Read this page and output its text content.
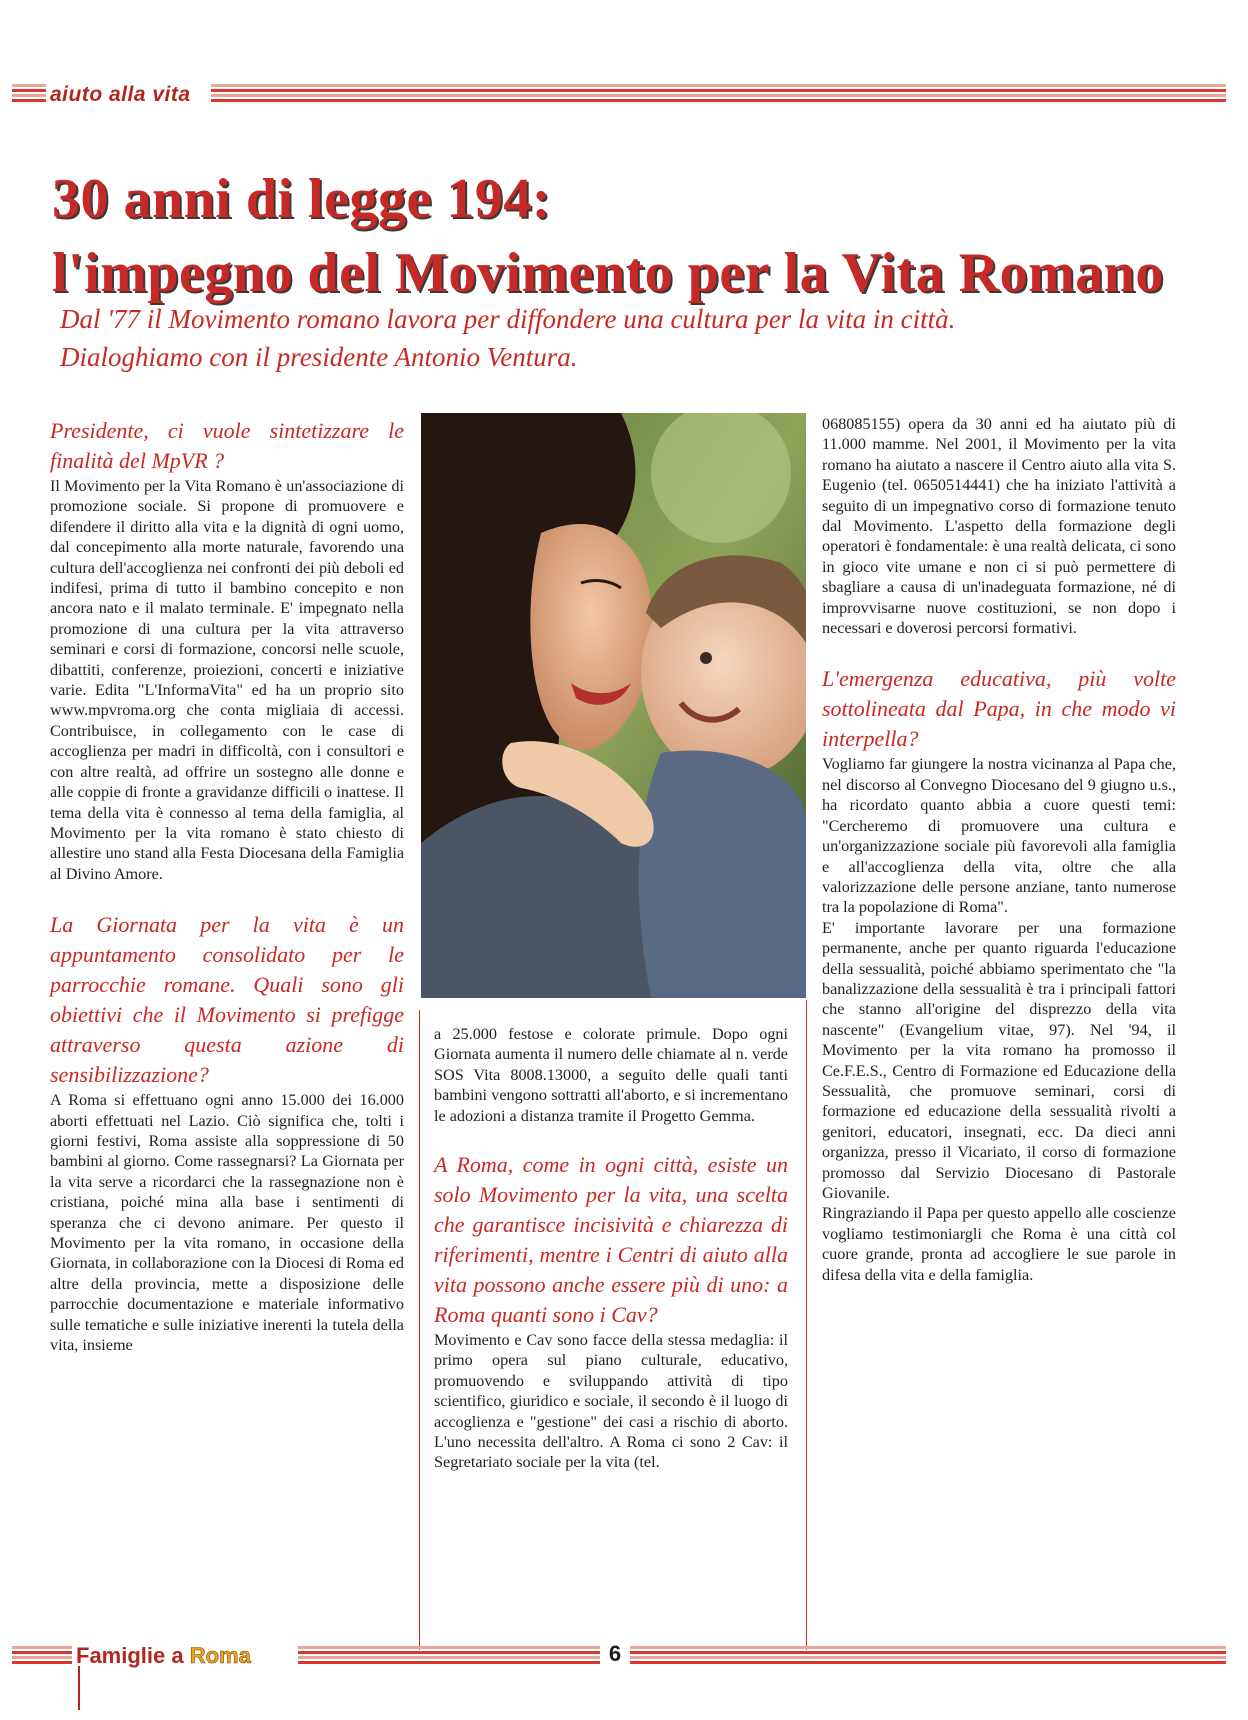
aiuto alla vita
30 anni di legge 194:
l'impegno del Movimento per la Vita Romano
Dal '77 il Movimento romano lavora per diffondere una cultura per la vita in città.
Dialoghiamo con il presidente Antonio Ventura.

Presidente, ci vuole sintetizzare le finalità del MpVR ?

Il Movimento per la Vita Romano è un'associazione di promozione sociale. Si propone di promuovere e difendere il diritto alla vita e la dignità di ogni uomo, dal concepimento alla morte naturale, favorendo una cultura dell'accoglienza nei confronti dei più deboli ed indifesi, prima di tutto il bambino concepito e non ancora nato e il malato terminale. E' impegnato nella promozione di una cultura per la vita attraverso seminari e corsi di formazione, concorsi nelle scuole, dibattiti, conferenze, proiezioni, concerti e iniziative varie. Edita "L'InformaVita" ed ha un proprio sito www.mpvroma.org che conta migliaia di accessi. Contribuisce, in collegamento con le case di accoglienza per madri in difficoltà, con i consultori e con altre realtà, ad offrire un sostegno alle donne e alle coppie di fronte a gravidanze difficili o inattese. Il tema della vita è connesso al tema della famiglia, al Movimento per la vita romano è stato chiesto di allestire uno stand alla Festa Diocesana della Famiglia al Divino Amore.

La Giornata per la vita è un appuntamento consolidato per le parrocchie romane. Quali sono gli obiettivi che il Movimento si prefigge attraverso questa azione di sensibilizzazione?

A Roma si effettuano ogni anno 15.000 dei 16.000 aborti effettuati nel Lazio. Ciò significa che, tolti i giorni festivi, Roma assiste alla soppressione di 50 bambini al giorno. Come rassegnarsi? La Giornata per la vita serve a ricordarci che la rassegnazione non è cristiana, poiché mina alla base i sentimenti di speranza che ci devono animare. Per questo il Movimento per la vita romano, in occasione della Giornata, in collaborazione con la Diocesi di Roma ed altre della provincia, mette a disposizione delle parrocchie documentazione e materiale informativo sulle tematiche e sulle iniziative inerenti la tutela della vita, insieme

a 25.000 festose e colorate primule. Dopo ogni Giornata aumenta il numero delle chiamate al n. verde SOS Vita 8008.13000, a seguito delle quali tanti bambini vengono sottratti all'aborto, e si incrementano le adozioni a distanza tramite il Progetto Gemma.

A Roma, come in ogni città, esiste un solo Movimento per la vita, una scelta che garantisce incisività e chiarezza di riferimenti, mentre i Centri di aiuto alla vita possono anche essere più di uno: a Roma quanti sono i Cav?

Movimento e Cav sono facce della stessa medaglia: il primo opera sul piano culturale, educativo, promuovendo e sviluppando attività di tipo scientifico, giuridico e sociale, il secondo è il luogo di accoglienza e "gestione" dei casi a rischio di aborto. L'uno necessita dell'altro. A Roma ci sono 2 Cav: il Segretariato sociale per la vita (tel.

068085155) opera da 30 anni ed ha aiutato più di 11.000 mamme. Nel 2001, il Movimento per la vita romano ha aiutato a nascere il Centro aiuto alla vita S. Eugenio (tel. 0650514441) che ha iniziato l'attività a seguito di un impegnativo corso di formazione tenuto dal Movimento. L'aspetto della formazione degli operatori è fondamentale: è una realtà delicata, ci sono in gioco vite umane e non ci si può permettere di sbagliare a causa di un'inadeguata formazione, né di improvvisarne nuove costituzioni, se non dopo i necessari e doverosi percorsi formativi.

L'emergenza educativa, più volte sottolineata dal Papa, in che modo vi interpella?

Vogliamo far giungere la nostra vicinanza al Papa che, nel discorso al Convegno Diocesano del 9 giugno u.s., ha ricordato quanto abbia a cuore questi temi: "Cercheremo di promuovere una cultura e un'organizzazione sociale più favorevoli alla famiglia e all'accoglienza della vita, oltre che alla valorizzazione delle persone anziane, tanto numerose tra la popolazione di Roma".

E' importante lavorare per una formazione permanente, anche per quanto riguarda l'educazione della sessualità, poiché abbiamo sperimentato che "la banalizzazione della sessualità è tra i principali fattori che stanno all'origine del disprezzo della vita nascente" (Evangelium vitae, 97). Nel '94, il Movimento per la vita romano ha promosso il Ce.F.E.S., Centro di Formazione ed Educazione della Sessualità, che promuove seminari, corsi di formazione ed educazione della sessualità rivolti a genitori, educatori, insegnati, ecc. Da dieci anni organizza, presso il Vicariato, il corso di formazione promosso dal Servizio Diocesano di Pastorale Giovanile.

Ringraziando il Papa per questo appello alle coscienze vogliamo testimoniargli che Roma è una città col cuore grande, pronta ad accogliere le sue parole in difesa della vita e della famiglia.

Famiglie a Roma	6
